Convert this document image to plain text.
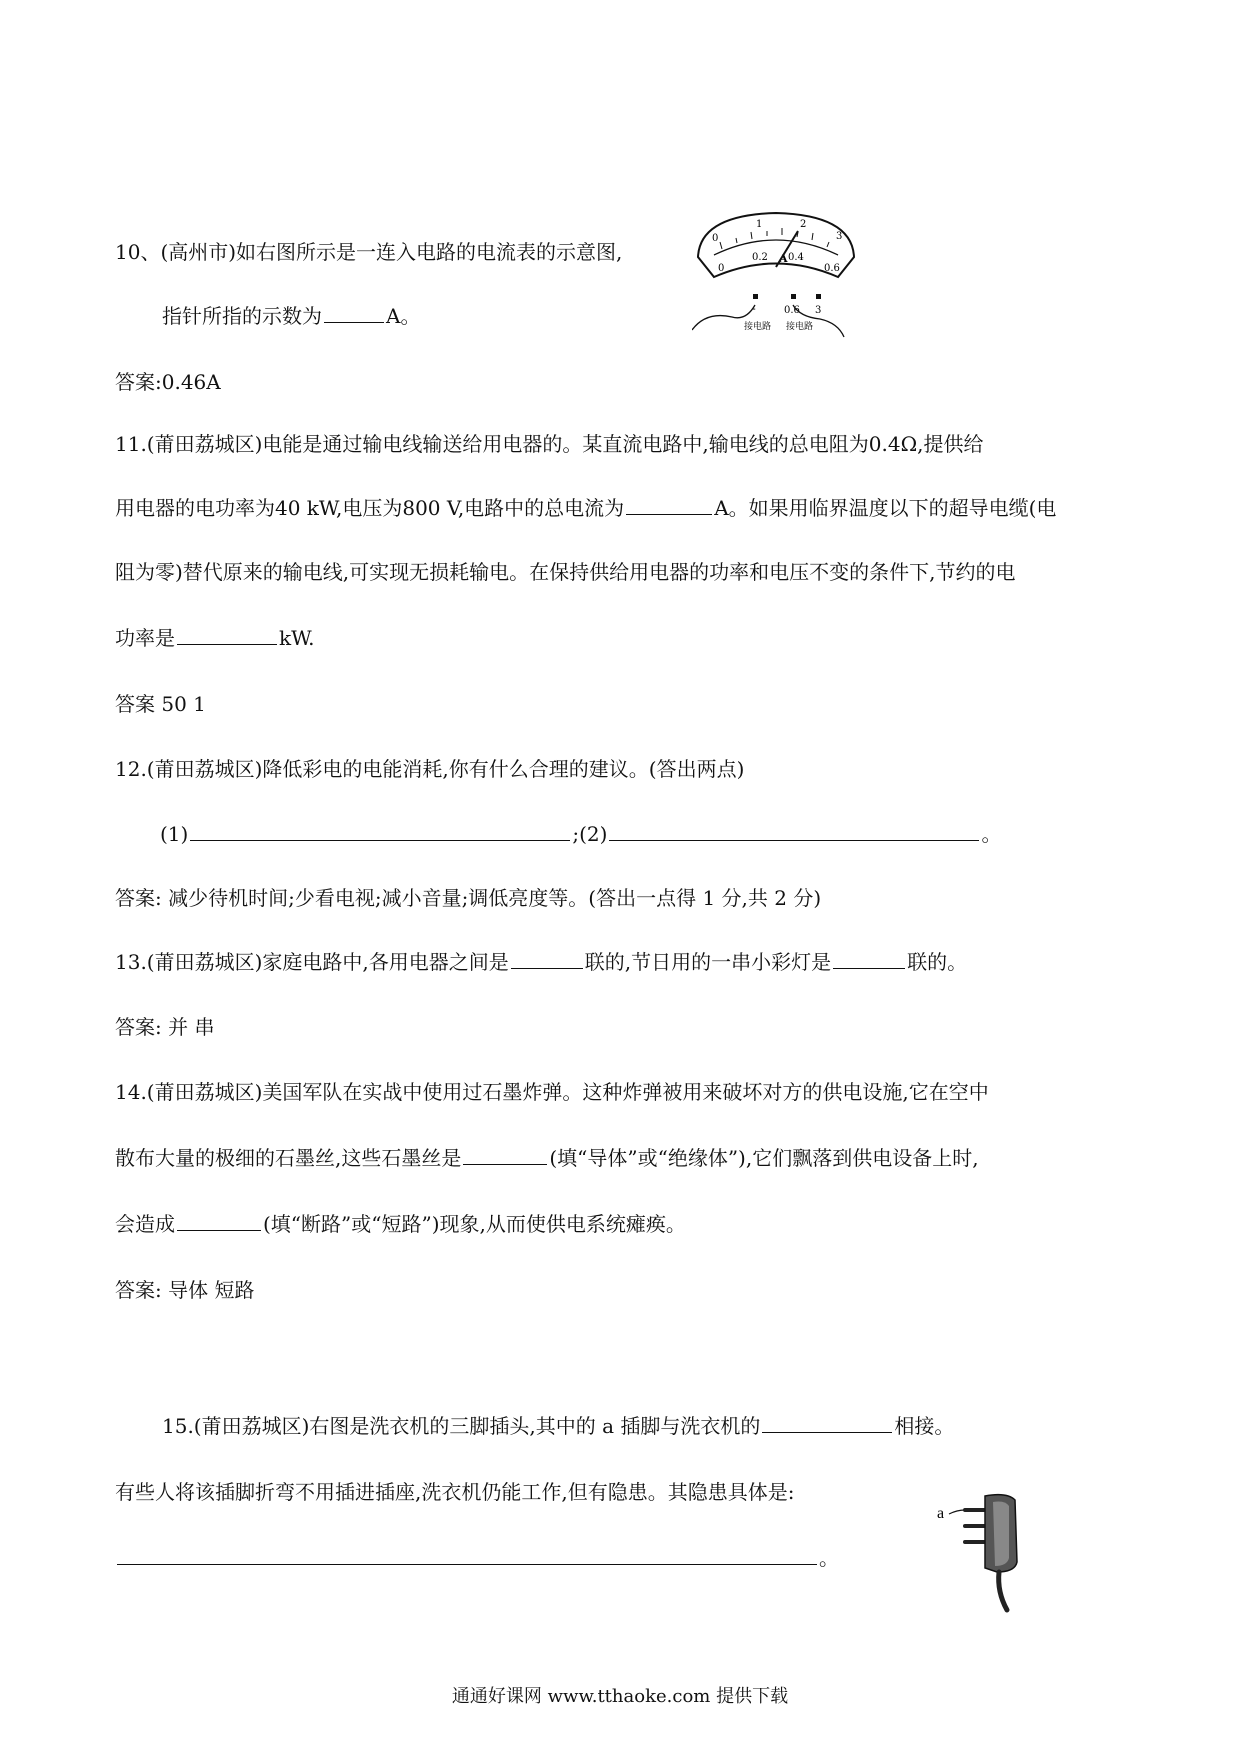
10、(高州市)如右图所示是一连入电路的电流表的示意图,
指针所指的示数为	A。
答案:0.46A
0
1	2
3
0
0.2 0.4
0.6
A
-	0.6 3
接电路 接电路
11.(莆田荔城区)电能是通过输电线输送给用电器的。某直流电路中,输电线的总电阻为0.4Ω,提供给
用电器的电功率为40 kW,电压为800 V,电路中的总电流为	A。如果用临界温度以下的超导电缆(电
阻为零)替代原来的输电线,可实现无损耗输电。在保持供给用电器的功率和电压不变的条件下,节约的电
功率是	kW.
答案 50 1
12.(莆田荔城区)降低彩电的电能消耗,你有什么合理的建议。(答出两点)
(1)	;(2)	。
答案: 减少待机时间;少看电视;减小音量;调低亮度等。(答出一点得 1 分,共 2 分)
13.(莆田荔城区)家庭电路中,各用电器之间是	联的,节日用的一串小彩灯是	联的。
答案: 并 串
14.(莆田荔城区)美国军队在实战中使用过石墨炸弹。这种炸弹被用来破坏对方的供电设施,它在空中
散布大量的极细的石墨丝,这些石墨丝是	(填“导体”或“绝缘体”),它们飘落到供电设备上时,
会造成	(填“断路”或“短路”)现象,从而使供电系统瘫痪。
答案: 导体 短路
15.(莆田荔城区)右图是洗衣机的三脚插头,其中的 a 插脚与洗衣机的	相接。
有些人将该插脚折弯不用插进插座,洗衣机仍能工作,但有隐患。其隐患具体是:
。
a
通通好课网 www.tthaoke.com 提供下载
